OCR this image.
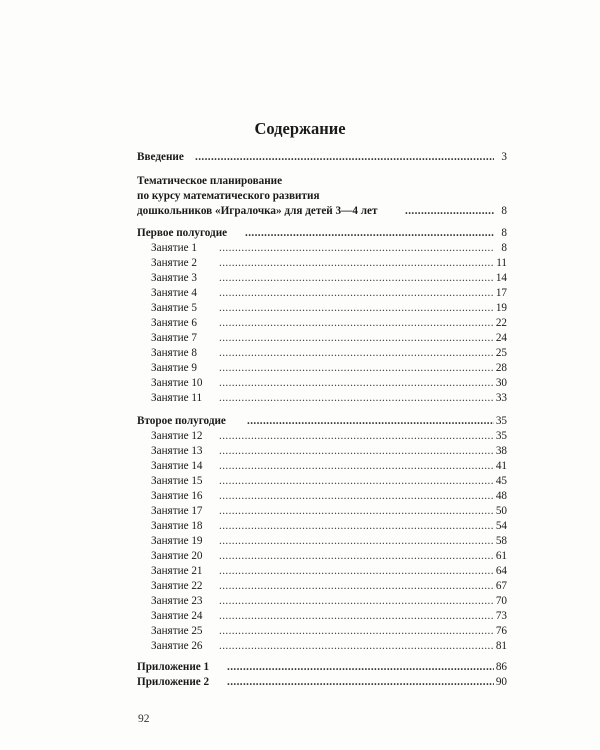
Содержание
Введение .....	3
Тематическое планирование
по курсу математического развития
дошкольников «Игралочка» для детей 3—4 лет .....	8
Первое полугодие .....	8
Занятие 1 .....	8
Занятие 2 .....	11
Занятие 3 .....	14
Занятие 4 .....	17
Занятие 5 .....	19
Занятие 6 .....	22
Занятие 7 .....	24
Занятие 8 .....	25
Занятие 9 .....	28
Занятие 10 .....	30
Занятие 11 .....	33
Второе полугодие .....	35
Занятие 12 .....	35
Занятие 13 .....	38
Занятие 14 .....	41
Занятие 15 .....	45
Занятие 16 .....	48
Занятие 17 .....	50
Занятие 18 .....	54
Занятие 19 .....	58
Занятие 20 .....	61
Занятие 21 .....	64
Занятие 22 .....	67
Занятие 23 .....	70
Занятие 24 .....	73
Занятие 25 .....	76
Занятие 26 .....	81
Приложение 1 .....	86
Приложение 2 .....	90
92
